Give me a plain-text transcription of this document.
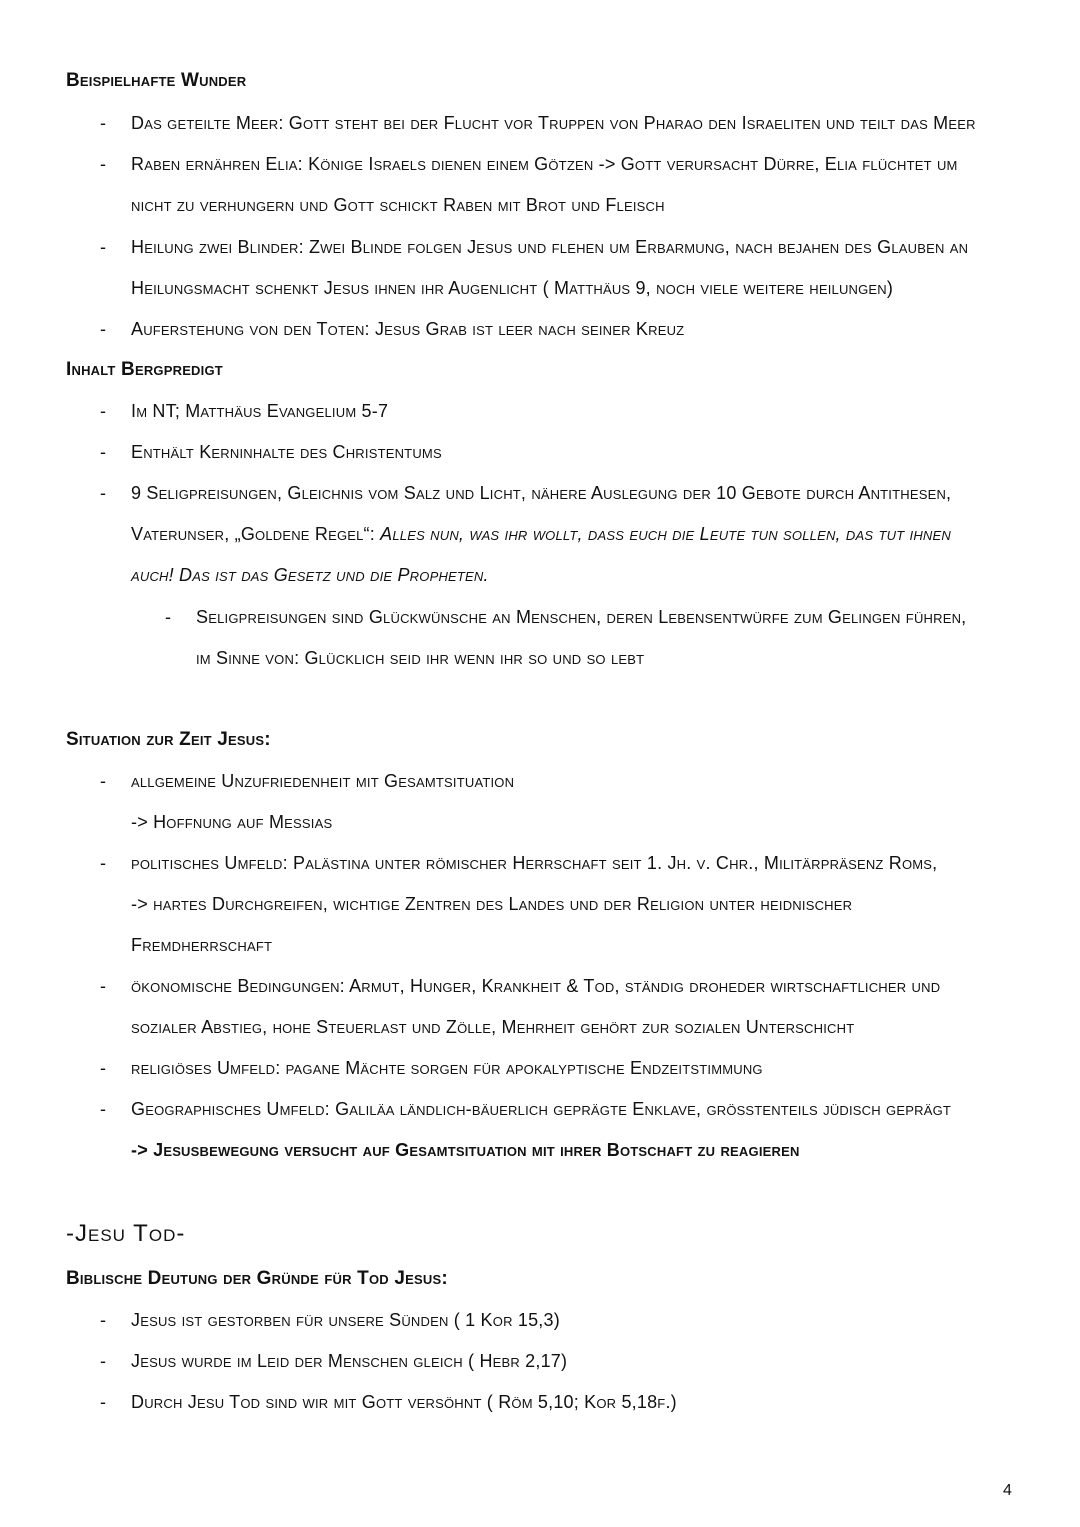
Beispielhafte Wunder
- Das geteilte Meer: Gott steht bei der Flucht vor Truppen von Pharao den Israeliten und teilt das Meer
- Raben ernähren Elia: Könige Israels dienen einem Götzen -> Gott verursacht Dürre, Elia flüchtet um
nicht zu verhungern und Gott schickt Raben mit Brot und Fleisch
- Heilung zwei Blinder: Zwei Blinde folgen Jesus und flehen um Erbarmung, nach bejahen des Glauben an
Heilungsmacht schenkt Jesus ihnen ihr Augenlicht ( Matthäus 9, noch viele weitere heilungen)
- Auferstehung von den Toten: Jesus Grab ist leer nach seiner Kreuz
Inhalt Bergpredigt
- Im NT; Matthäus Evangelium 5-7
- Enthält Kerninhalte des Christentums
- 9 Seligpreisungen, Gleichnis vom Salz und Licht, nähere Auslegung der 10 Gebote durch Antithesen,
Vaterunser, „Goldene Regel“: Alles nun, was ihr wollt, dass euch die Leute tun sollen, das tut ihnen
auch! Das ist das Gesetz und die Propheten.
- Seligpreisungen sind Glückwünsche an Menschen, deren Lebensentwürfe zum Gelingen führen,
im Sinne von: Glücklich seid ihr wenn ihr so und so lebt
Situation zur Zeit Jesus:
- allgemeine Unzufriedenheit mit Gesamtsituation
-> Hoffnung auf Messias
- politisches Umfeld: Palästina unter römischer Herrschaft seit 1. Jh. v. Chr., Militärpräsenz Roms,
-> hartes Durchgreifen, wichtige Zentren des Landes und der Religion unter heidnischer
Fremdherrschaft
- ökonomische Bedingungen: Armut, Hunger, Krankheit & Tod, ständig droheder wirtschaftlicher und
sozialer Abstieg, hohe Steuerlast und Zölle, Mehrheit gehört zur sozialen Unterschicht
- religiöses Umfeld: pagane Mächte sorgen für apokalyptische Endzeitstimmung
- Geographisches Umfeld: Galiläa ländlich-bäuerlich geprägte Enklave, größtenteils jüdisch geprägt
-> Jesusbewegung versucht auf Gesamtsituation mit ihrer Botschaft zu reagieren
-Jesu Tod-
Biblische Deutung der Gründe für Tod Jesus:
- Jesus ist gestorben für unsere Sünden ( 1 Kor 15,3)
- Jesus wurde im Leid der Menschen gleich ( Hebr 2,17)
- Durch Jesu Tod sind wir mit Gott versöhnt ( Röm 5,10; Kor 5,18f.)
4
